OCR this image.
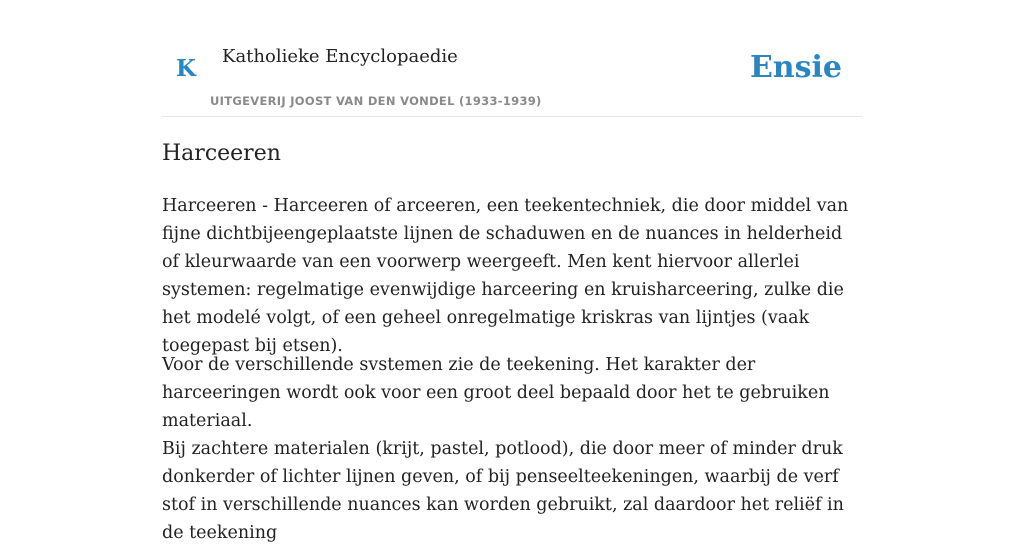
K Katholieke Encyclopaedie
UITGEVERIJ JOOST VAN DEN VONDEL (1933-1939)
Ensie
Harceeren

Harceeren - Harceeren of arceeren, een teekentechniek, die door middel van fijne dichtbijeengeplaatste lijnen de schaduwen en de nuances in helderheid of kleurwaarde van een voorwerp weergeeft. Men kent hiervoor allerlei systemen: regelmatige evenwijdige harceering en kruisharceering, zulke die het modelé volgt, of een geheel onregelmatige kriskras van lijntjes (vaak toegepast bij etsen).

Voor de verschillende svstemen zie de teekening. Het karakter der harceeringen wordt ook voor een groot deel bepaald door het te gebruiken materiaal.

Bij zachtere materialen (krijt, pastel, potlood), die door meer of minder druk donkerder of lichter lijnen geven, of bij penseelteekeningen, waarbij de verf stof in verschillende nuances kan worden gebruikt, zal daardoor het reliëf in de teekening
